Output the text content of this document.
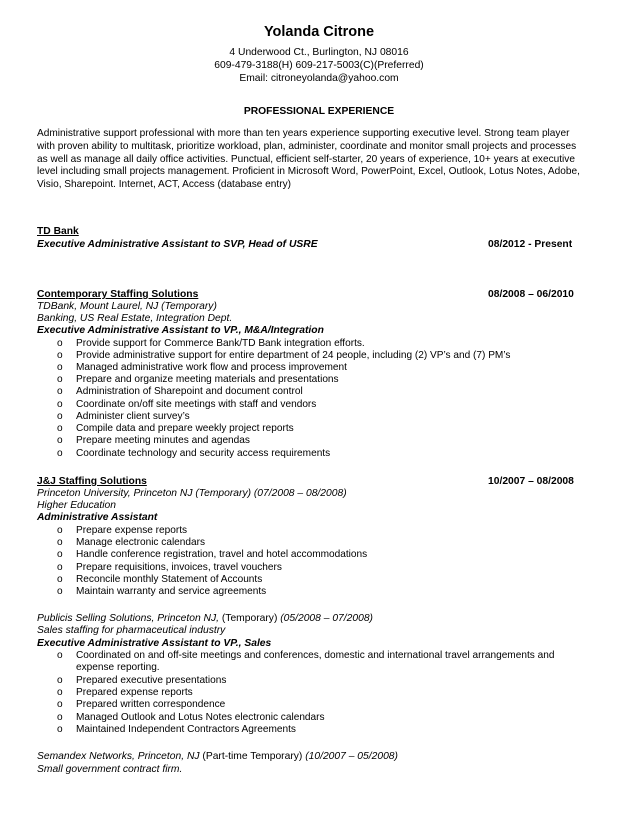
Yolanda Citrone
4 Underwood Ct., Burlington, NJ 08016
609-479-3188(H) 609-217-5003(C)(Preferred)
Email: citroneyolanda@yahoo.com
PROFESSIONAL EXPERIENCE
Administrative support professional with more than ten years experience supporting executive level. Strong team player
with proven ability to multitask, prioritize workload, plan, administer, coordinate and monitor small projects and processes
as well as manage all daily office activities. Punctual, efficient self-starter, 20 years of experience, 10+ years at executive
level including small projects management. Proficient in Microsoft Word, PowerPoint, Excel, Outlook, Lotus Notes, Adobe,
Visio, Sharepoint. Internet, ACT, Access (database entry)
TD Bank
Executive Administrative Assistant to SVP, Head of USRE	08/2012 - Present
Contemporary Staffing Solutions	08/2008 – 06/2010
TDBank, Mount Laurel, NJ (Temporary)
Banking, US Real Estate, Integration Dept.
Executive Administrative Assistant to VP., M&A/Integration
o Provide support for Commerce Bank/TD Bank integration efforts.
o Provide administrative support for entire department of 24 people, including (2) VP’s and (7) PM’s
o Managed administrative work flow and process improvement
o Prepare and organize meeting materials and presentations
o Administration of Sharepoint and document control
o Coordinate on/off site meetings with staff and vendors
o Administer client survey’s
o Compile data and prepare weekly project reports
o Prepare meeting minutes and agendas
o Coordinate technology and security access requirements
J&J Staffing Solutions	10/2007 – 08/2008
Princeton University, Princeton NJ (Temporary) (07/2008 – 08/2008)
Higher Education
Administrative Assistant
o Prepare expense reports
o Manage electronic calendars
o Handle conference registration, travel and hotel accommodations
o Prepare requisitions, invoices, travel vouchers
o Reconcile monthly Statement of Accounts
o Maintain warranty and service agreements
Publicis Selling Solutions, Princeton NJ, (Temporary) (05/2008 – 07/2008)
Sales staffing for pharmaceutical industry
Executive Administrative Assistant to VP., Sales
o Coordinated on and off-site meetings and conferences, domestic and international travel arrangements and
expense reporting.
o Prepared executive presentations
o Prepared expense reports
o Prepared written correspondence
o Managed Outlook and Lotus Notes electronic calendars
o Maintained Independent Contractors Agreements
Semandex Networks, Princeton, NJ (Part-time Temporary) (10/2007 – 05/2008)
Small government contract firm.
